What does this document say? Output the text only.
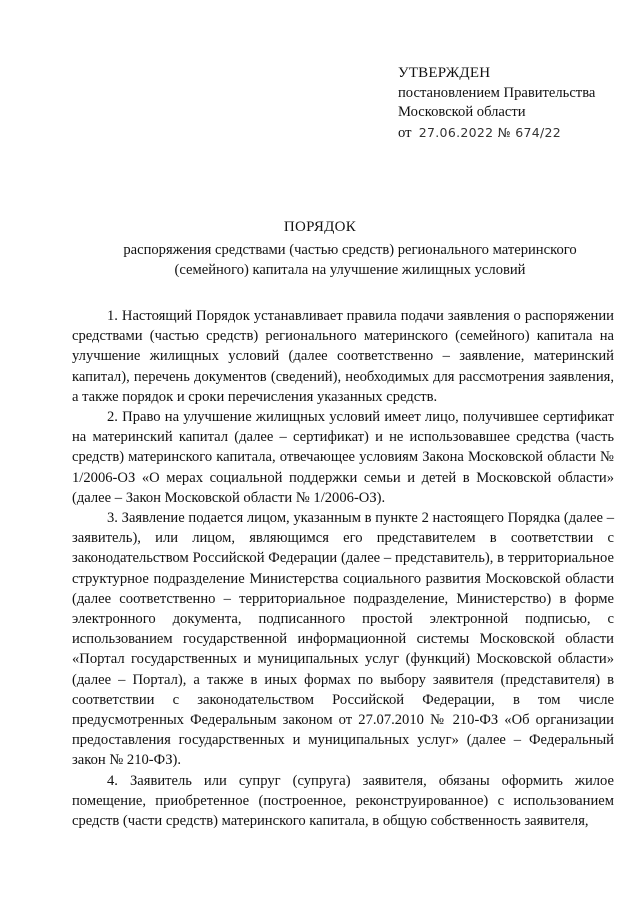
УТВЕРЖДЕН
постановлением Правительства
Московской области
от 27.06.2022 № 674/22
ПОРЯДОК
распоряжения средствами (частью средств) регионального материнского (семейного) капитала на улучшение жилищных условий

1. Настоящий Порядок устанавливает правила подачи заявления о распоряжении средствами (частью средств) регионального материнского (семейного) капитала на улучшение жилищных условий (далее соответственно – заявление, материнский капитал), перечень документов (сведений), необходимых для рассмотрения заявления, а также порядок и сроки перечисления указанных средств.

2. Право на улучшение жилищных условий имеет лицо, получившее сертификат на материнский капитал (далее – сертификат) и не использовавшее средства (часть средств) материнского капитала, отвечающее условиям Закона Московской области № 1/2006-ОЗ «О мерах социальной поддержки семьи и детей в Московской области» (далее – Закон Московской области № 1/2006-ОЗ).

3. Заявление подается лицом, указанным в пункте 2 настоящего Порядка (далее – заявитель), или лицом, являющимся его представителем в соответствии с законодательством Российской Федерации (далее – представитель), в территориальное структурное подразделение Министерства социального развития Московской области (далее соответственно – территориальное подразделение, Министерство) в форме электронного документа, подписанного простой электронной подписью, с использованием государственной информационной системы Московской области «Портал государственных и муниципальных услуг (функций) Московской области» (далее – Портал), а также в иных формах по выбору заявителя (представителя) в соответствии с законодательством Российской Федерации, в том числе предусмотренных Федеральным законом от 27.07.2010 № 210-ФЗ «Об организации предоставления государственных и муниципальных услуг» (далее – Федеральный закон № 210-ФЗ).

4. Заявитель или супруг (супруга) заявителя, обязаны оформить жилое помещение, приобретенное (построенное, реконструированное) с использованием средств (части средств) материнского капитала, в общую собственность заявителя,
